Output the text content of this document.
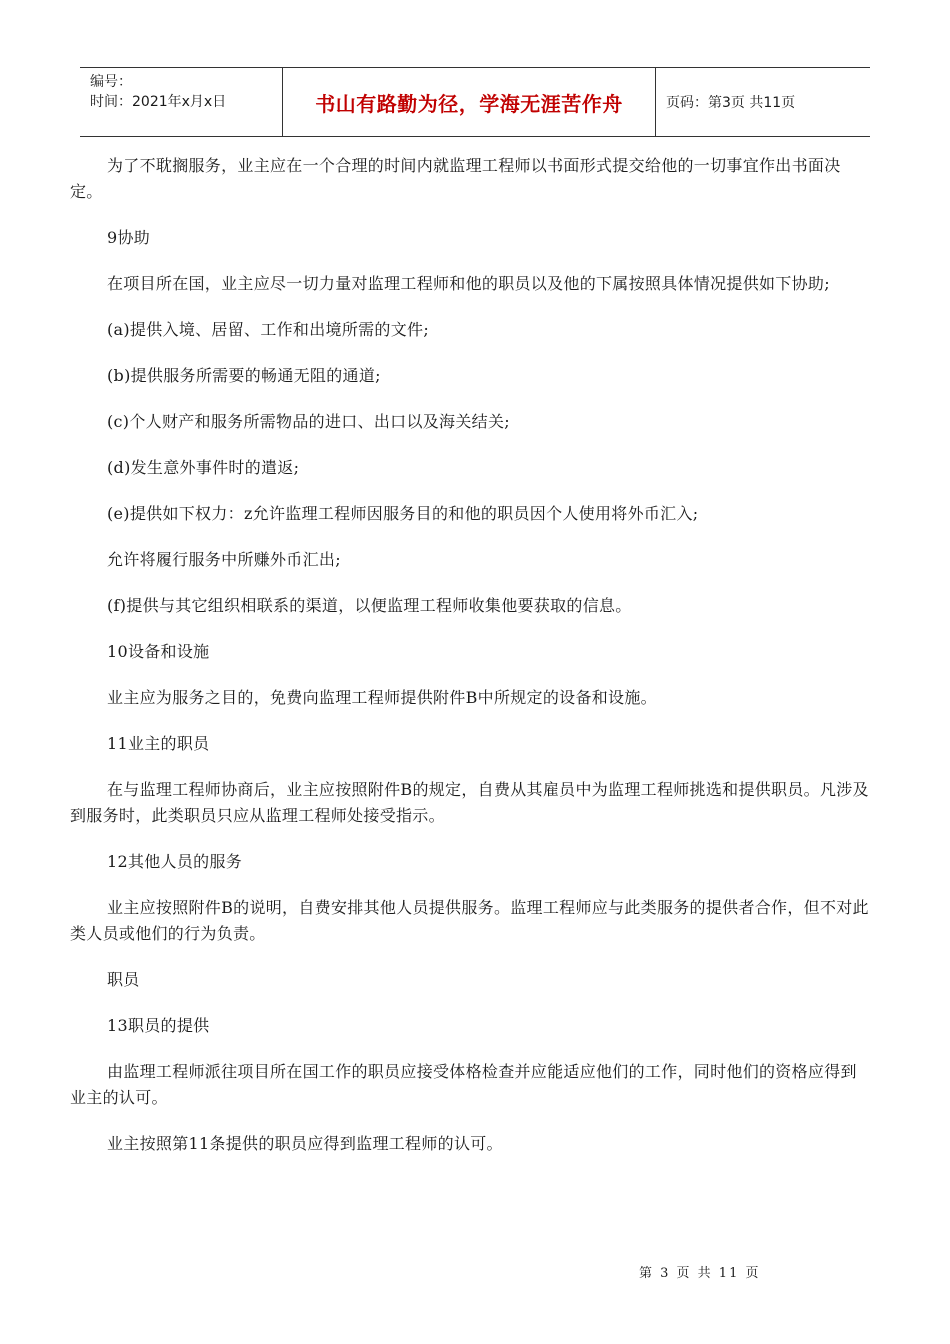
编号：
时间：2021年x月x日	书山有路勤为径，学海无涯苦作舟	页码：第3页 共11页

为了不耽搁服务，业主应在一个合理的时间内就监理工程师以书面形式提交给他的一切事宜作出书面决定。

9协助

在项目所在国，业主应尽一切力量对监理工程师和他的职员以及他的下属按照具体情况提供如下协助;

(a)提供入境、居留、工作和出境所需的文件;

(b)提供服务所需要的畅通无阻的通道;

(c)个人财产和服务所需物品的进口、出口以及海关结关;

(d)发生意外事件时的遣返;

(e)提供如下权力：z允许监理工程师因服务目的和他的职员因个人使用将外币汇入;

允许将履行服务中所赚外币汇出;

(f)提供与其它组织相联系的渠道，以便监理工程师收集他要获取的信息。

10设备和设施

业主应为服务之目的，免费向监理工程师提供附件B中所规定的设备和设施。

11业主的职员

在与监理工程师协商后，业主应按照附件B的规定，自费从其雇员中为监理工程师挑选和提供职员。凡涉及到服务时，此类职员只应从监理工程师处接受指示。

12其他人员的服务

业主应按照附件B的说明，自费安排其他人员提供服务。监理工程师应与此类服务的提供者合作，但不对此类人员或他们的行为负责。

职员

13职员的提供

由监理工程师派往项目所在国工作的职员应接受体格检查并应能适应他们的工作，同时他们的资格应得到业主的认可。

业主按照第11条提供的职员应得到监理工程师的认可。

第 3 页 共 11 页
